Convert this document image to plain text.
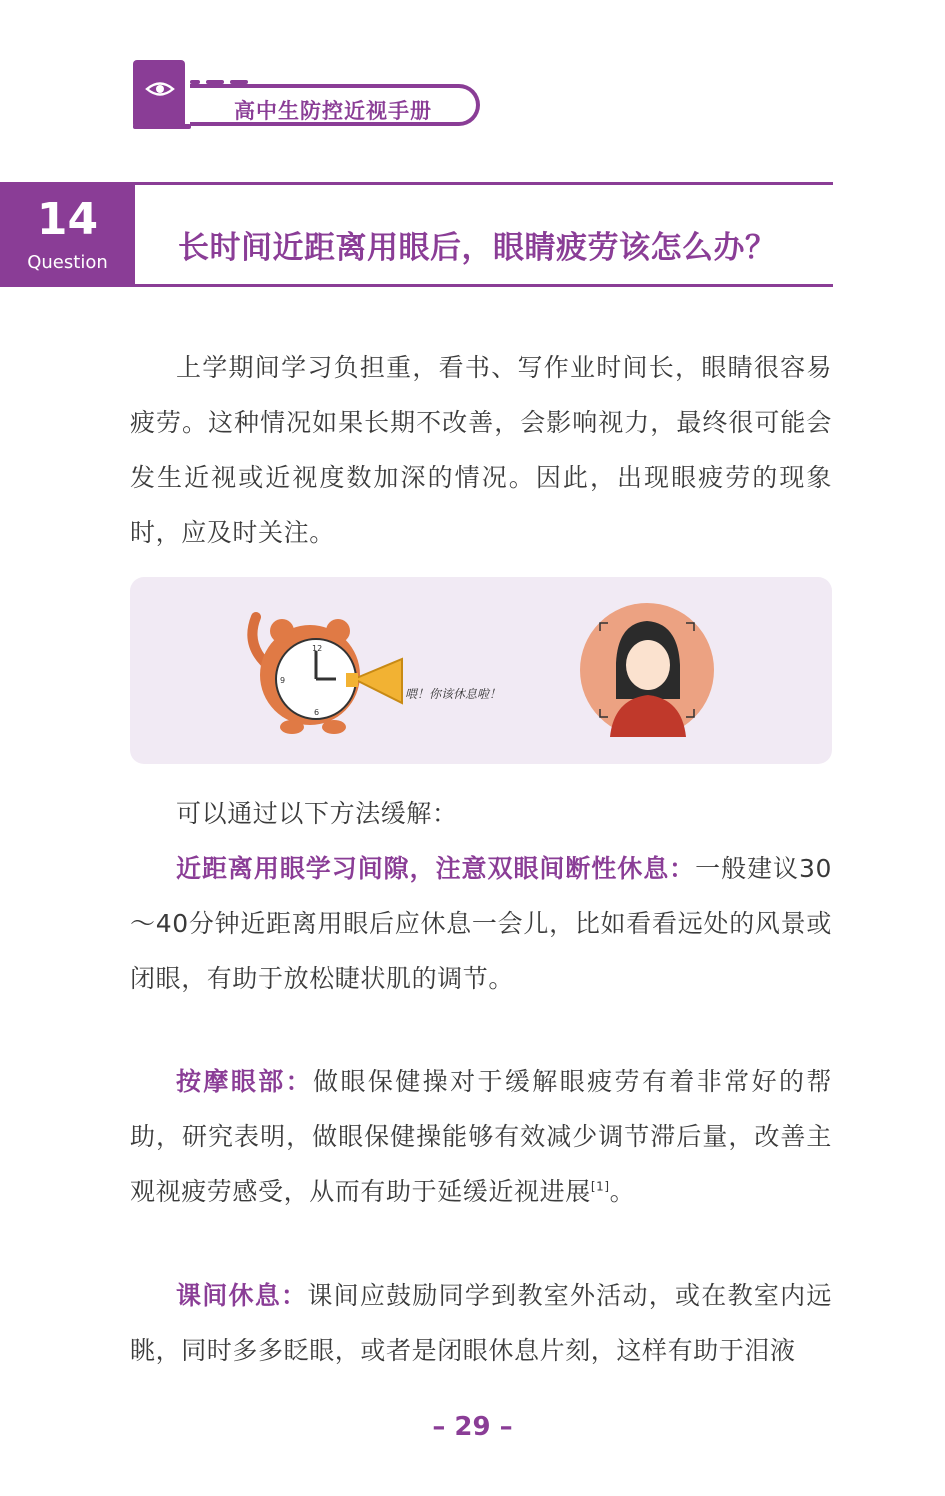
高中生防控近视手册
14
Question	长时间近距离用眼后，眼睛疲劳该怎么办？

上学期间学习负担重，看书、写作业时间长，眼睛很容易疲劳。这种情况如果长期不改善，会影响视力，最终很可能会发生近视或近视度数加深的情况。因此，出现眼疲劳的现象时，应及时关注。

12
6
9
喂！你该休息啦！

可以通过以下方法缓解：

近距离用眼学习间隙，注意双眼间断性休息：一般建议30～40分钟近距离用眼后应休息一会儿，比如看看远处的风景或闭眼，有助于放松睫状肌的调节。

按摩眼部：做眼保健操对于缓解眼疲劳有着非常好的帮助，研究表明，做眼保健操能够有效减少调节滞后量，改善主观视疲劳感受，从而有助于延缓近视进展[1]。

课间休息：课间应鼓励同学到教室外活动，或在教室内远眺，同时多多眨眼，或者是闭眼休息片刻，这样有助于泪液

– 29 –
